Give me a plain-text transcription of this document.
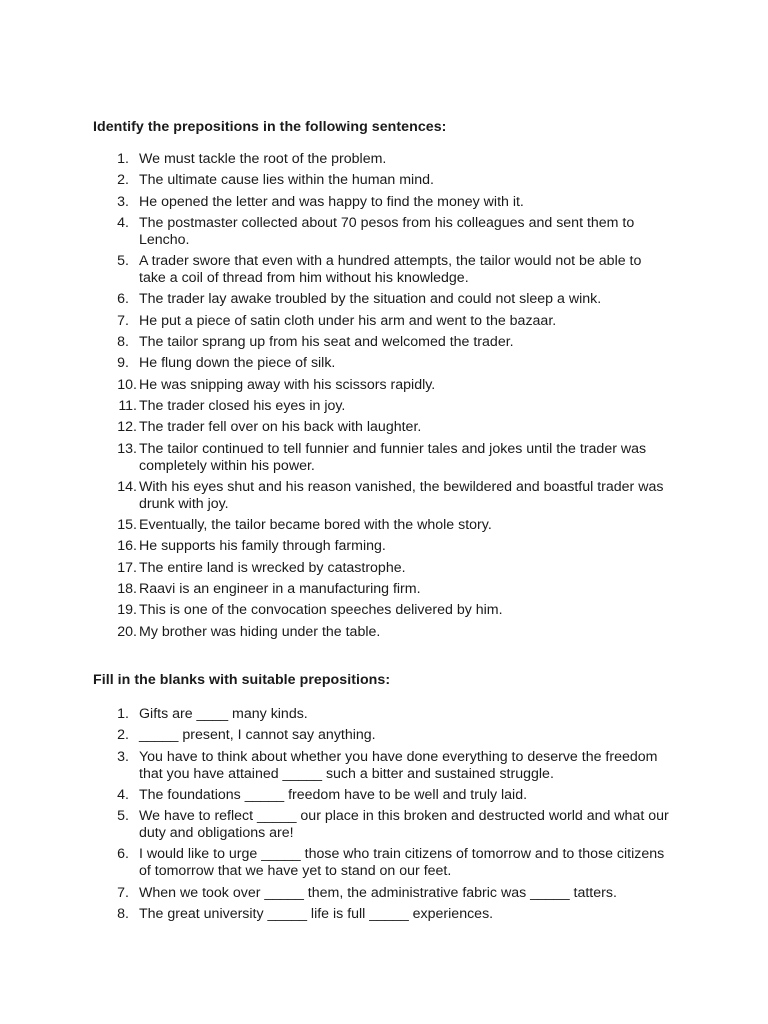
Identify the prepositions in the following sentences:
1. We must tackle the root of the problem.
2. The ultimate cause lies within the human mind.
3. He opened the letter and was happy to find the money with it.
4. The postmaster collected about 70 pesos from his colleagues and sent them to Lencho.
5. A trader swore that even with a hundred attempts, the tailor would not be able to take a coil of thread from him without his knowledge.
6. The trader lay awake troubled by the situation and could not sleep a wink.
7. He put a piece of satin cloth under his arm and went to the bazaar.
8. The tailor sprang up from his seat and welcomed the trader.
9. He flung down the piece of silk.
10. He was snipping away with his scissors rapidly.
11. The trader closed his eyes in joy.
12. The trader fell over on his back with laughter.
13. The tailor continued to tell funnier and funnier tales and jokes until the trader was completely within his power.
14. With his eyes shut and his reason vanished, the bewildered and boastful trader was drunk with joy.
15. Eventually, the tailor became bored with the whole story.
16. He supports his family through farming.
17. The entire land is wrecked by catastrophe.
18. Raavi is an engineer in a manufacturing firm.
19. This is one of the convocation speeches delivered by him.
20. My brother was hiding under the table.
Fill in the blanks with suitable prepositions:
1. Gifts are ____ many kinds.
2. _____ present, I cannot say anything.
3. You have to think about whether you have done everything to deserve the freedom that you have attained _____ such a bitter and sustained struggle.
4. The foundations _____ freedom have to be well and truly laid.
5. We have to reflect _____ our place in this broken and destructed world and what our duty and obligations are!
6. I would like to urge _____ those who train citizens of tomorrow and to those citizens of tomorrow that we have yet to stand on our feet.
7. When we took over _____ them, the administrative fabric was _____ tatters.
8. The great university _____ life is full _____ experiences.
